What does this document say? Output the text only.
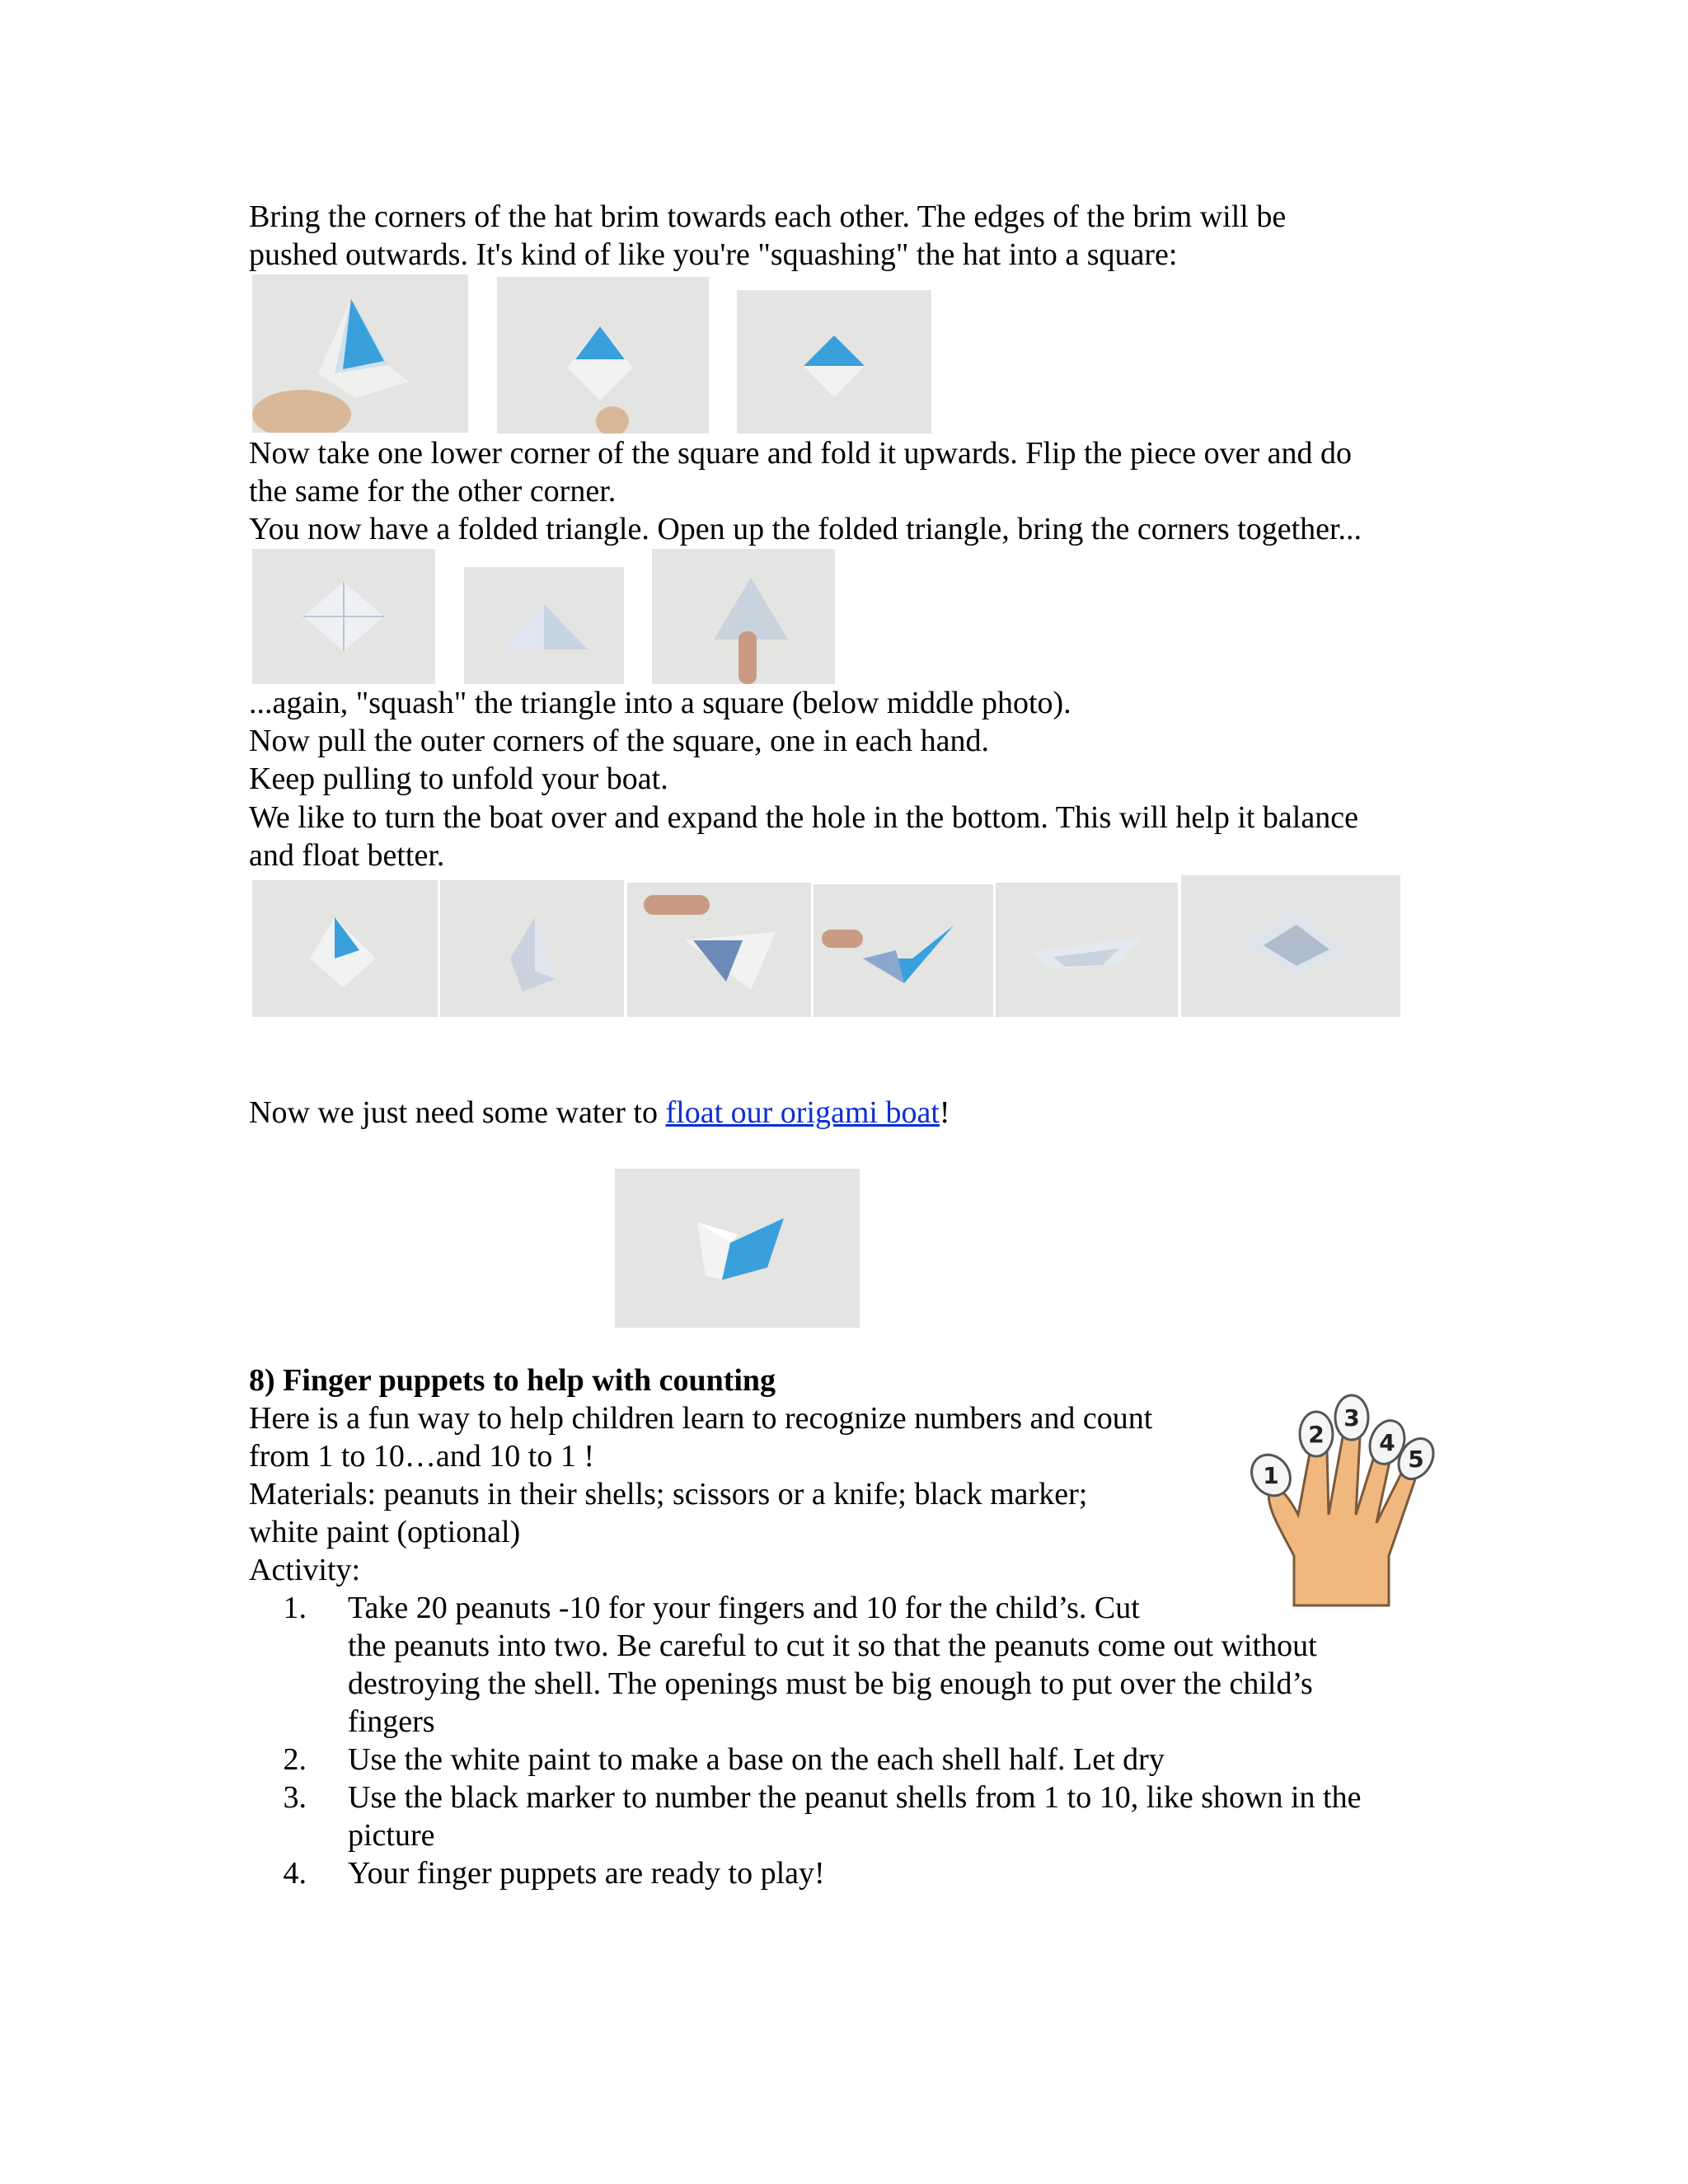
Bring the corners of the hat brim towards each other. The edges of the brim will be
pushed outwards. It's kind of like you're "squashing" the hat into a square:
Now take one lower corner of the square and fold it upwards. Flip the piece over and do
the same for the other corner.
You now have a folded triangle. Open up the folded triangle, bring the corners together...
...again, "squash" the triangle into a square (below middle photo).
Now pull the outer corners of the square, one in each hand.
Keep pulling to unfold your boat.
We like to turn the boat over and expand the hole in the bottom. This will help it balance
and float better.
Now we just need some water to float our origami boat!
8) Finger puppets to help with counting
Here is a fun way to help children learn to recognize numbers and count
from 1 to 10…and 10 to 1 !
Materials: peanuts in their shells; scissors or a knife; black marker;
white paint (optional)
Activity:
1
2
3
4
5
1. Take 20 peanuts -10 for your fingers and 10 for the child’s. Cut
the peanuts into two. Be careful to cut it so that the peanuts come out without
destroying the shell. The openings must be big enough to put over the child’s
fingers
2. Use the white paint to make a base on the each shell half. Let dry
3. Use the black marker to number the peanut shells from 1 to 10, like shown in the
picture
4. Your finger puppets are ready to play!
